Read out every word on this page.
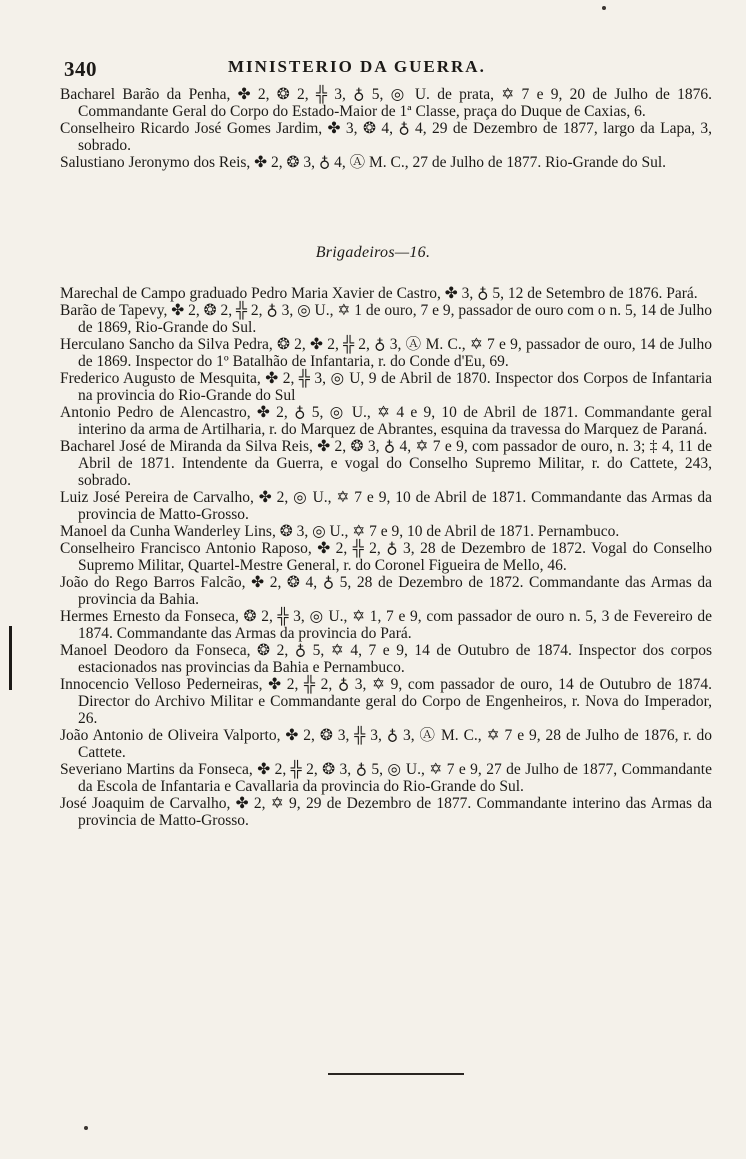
340	MINISTERIO DA GUERRA.

Bacharel Barão da Penha, ✤ 2, ❂ 2, ╬ 3, ♁ 5, ◎ U. de prata, ✡ 7 e 9, 20 de Julho de 1876. Commandante Geral do Corpo do Estado-Maior de 1ª Classe, praça do Duque de Caxias, 6.

Conselheiro Ricardo José Gomes Jardim, ✤ 3, ❂ 4, ♁ 4, 29 de Dezembro de 1877, largo da Lapa, 3, sobrado.

Salustiano Jeronymo dos Reis, ✤ 2, ❂ 3, ♁ 4, Ⓐ M. C., 27 de Julho de 1877. Rio-Grande do Sul.

Brigadeiros—16.

Marechal de Campo graduado Pedro Maria Xavier de Castro, ✤ 3, ♁ 5, 12 de Setembro de 1876. Pará.

Barão de Tapevy, ✤ 2, ❂ 2, ╬ 2, ♁ 3, ◎ U., ✡ 1 de ouro, 7 e 9, passador de ouro com o n. 5, 14 de Julho de 1869, Rio-Grande do Sul.

Herculano Sancho da Silva Pedra, ❂ 2, ✤ 2, ╬ 2, ♁ 3, Ⓐ M. C., ✡ 7 e 9, passador de ouro, 14 de Julho de 1869. Inspector do 1º Batalhão de Infantaria, r. do Conde d'Eu, 69.

Frederico Augusto de Mesquita, ✤ 2, ╬ 3, ◎ U, 9 de Abril de 1870. Inspector dos Corpos de Infantaria na provincia do Rio-Grande do Sul

Antonio Pedro de Alencastro, ✤ 2, ♁ 5, ◎ U., ✡ 4 e 9, 10 de Abril de 1871. Commandante geral interino da arma de Artilharia, r. do Marquez de Abrantes, esquina da travessa do Marquez de Paraná.

Bacharel José de Miranda da Silva Reis, ✤ 2, ❂ 3, ♁ 4, ✡ 7 e 9, com passador de ouro, n. 3; ‡ 4, 11 de Abril de 1871. Intendente da Guerra, e vogal do Conselho Supremo Militar, r. do Cattete, 243, sobrado.

Luiz José Pereira de Carvalho, ✤ 2, ◎ U., ✡ 7 e 9, 10 de Abril de 1871. Commandante das Armas da provincia de Matto-Grosso.

Manoel da Cunha Wanderley Lins, ❂ 3, ◎ U., ✡ 7 e 9, 10 de Abril de 1871. Pernambuco.

Conselheiro Francisco Antonio Raposo, ✤ 2, ╬ 2, ♁ 3, 28 de Dezembro de 1872. Vogal do Conselho Supremo Militar, Quartel-Mestre General, r. do Coronel Figueira de Mello, 46.

João do Rego Barros Falcão, ✤ 2, ❂ 4, ♁ 5, 28 de Dezembro de 1872. Commandante das Armas da provincia da Bahia.

Hermes Ernesto da Fonseca, ❂ 2, ╬ 3, ◎ U., ✡ 1, 7 e 9, com passador de ouro n. 5, 3 de Fevereiro de 1874. Commandante das Armas da provincia do Pará.

Manoel Deodoro da Fonseca, ❂ 2, ♁ 5, ✡ 4, 7 e 9, 14 de Outubro de 1874. Inspector dos corpos estacionados nas provincias da Bahia e Pernambuco.

Innocencio Velloso Pederneiras, ✤ 2, ╬ 2, ♁ 3, ✡ 9, com passador de ouro, 14 de Outubro de 1874. Director do Archivo Militar e Commandante geral do Corpo de Engenheiros, r. Nova do Imperador, 26.

João Antonio de Oliveira Valporto, ✤ 2, ❂ 3, ╬ 3, ♁ 3, Ⓐ M. C., ✡ 7 e 9, 28 de Julho de 1876, r. do Cattete.

Severiano Martins da Fonseca, ✤ 2, ╬ 2, ❂ 3, ♁ 5, ◎ U., ✡ 7 e 9, 27 de Julho de 1877, Commandante da Escola de Infantaria e Cavallaria da provincia do Rio-Grande do Sul.

José Joaquim de Carvalho, ✤ 2, ✡ 9, 29 de Dezembro de 1877. Commandante interino das Armas da provincia de Matto-Grosso.
